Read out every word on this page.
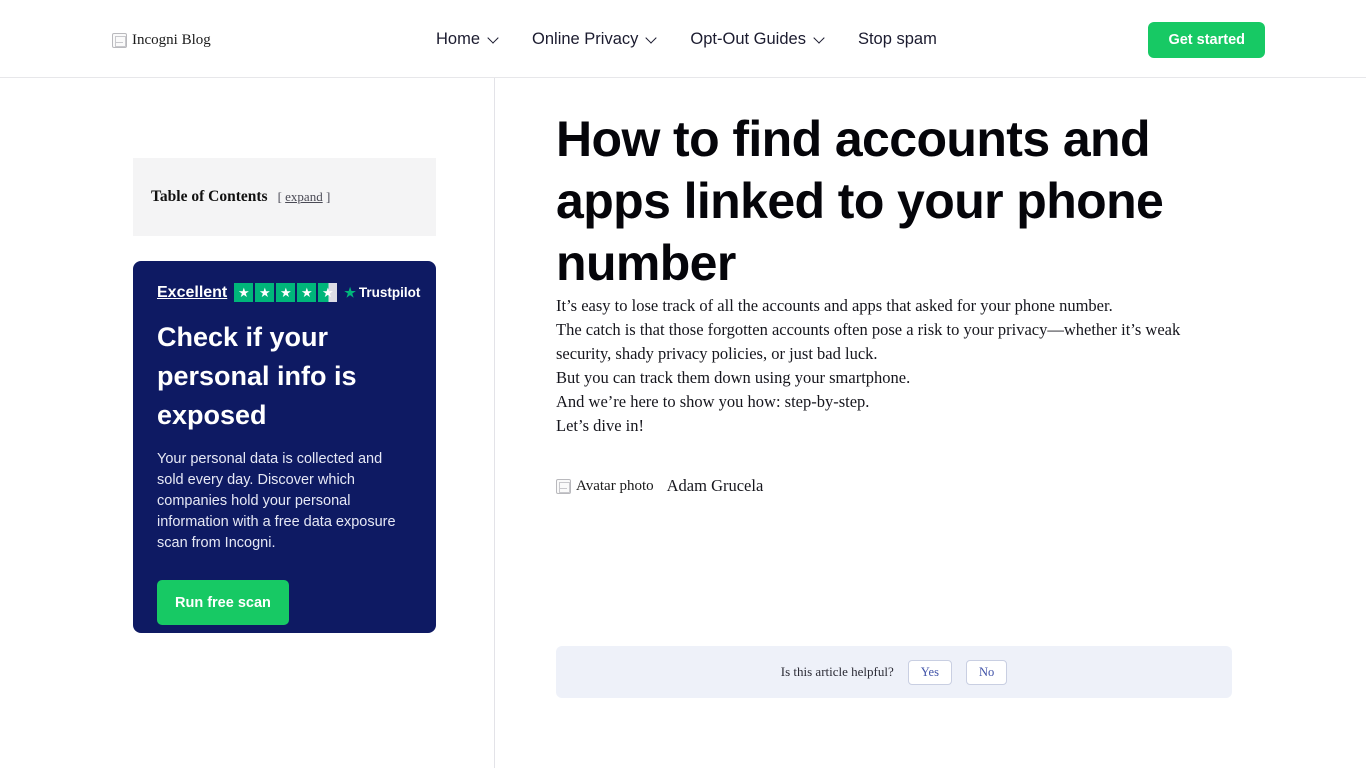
Incogni Blog	Home	Online Privacy	Opt-Out Guides	Stop spam	Get started
Table of Contents [ expand ]
Excellent ★ ★ ★ ★ ★ ★ Trustpilot
Check if your personal info is exposed

Your personal data is collected and sold every day. Discover which companies hold your personal information with a free data exposure scan from Incogni.

Run free scan
How to find accounts and apps linked to your phone number

It’s easy to lose track of all the accounts and apps that asked for your phone number.

The catch is that those forgotten accounts often pose a risk to your privacy—whether it’s weak security, shady privacy policies, or just bad luck.

But you can track them down using your smartphone.

And we’re here to show you how: step-by-step.

Let’s dive in!

Avatar photo Adam Grucela
Is this article helpful?	Yes	No
